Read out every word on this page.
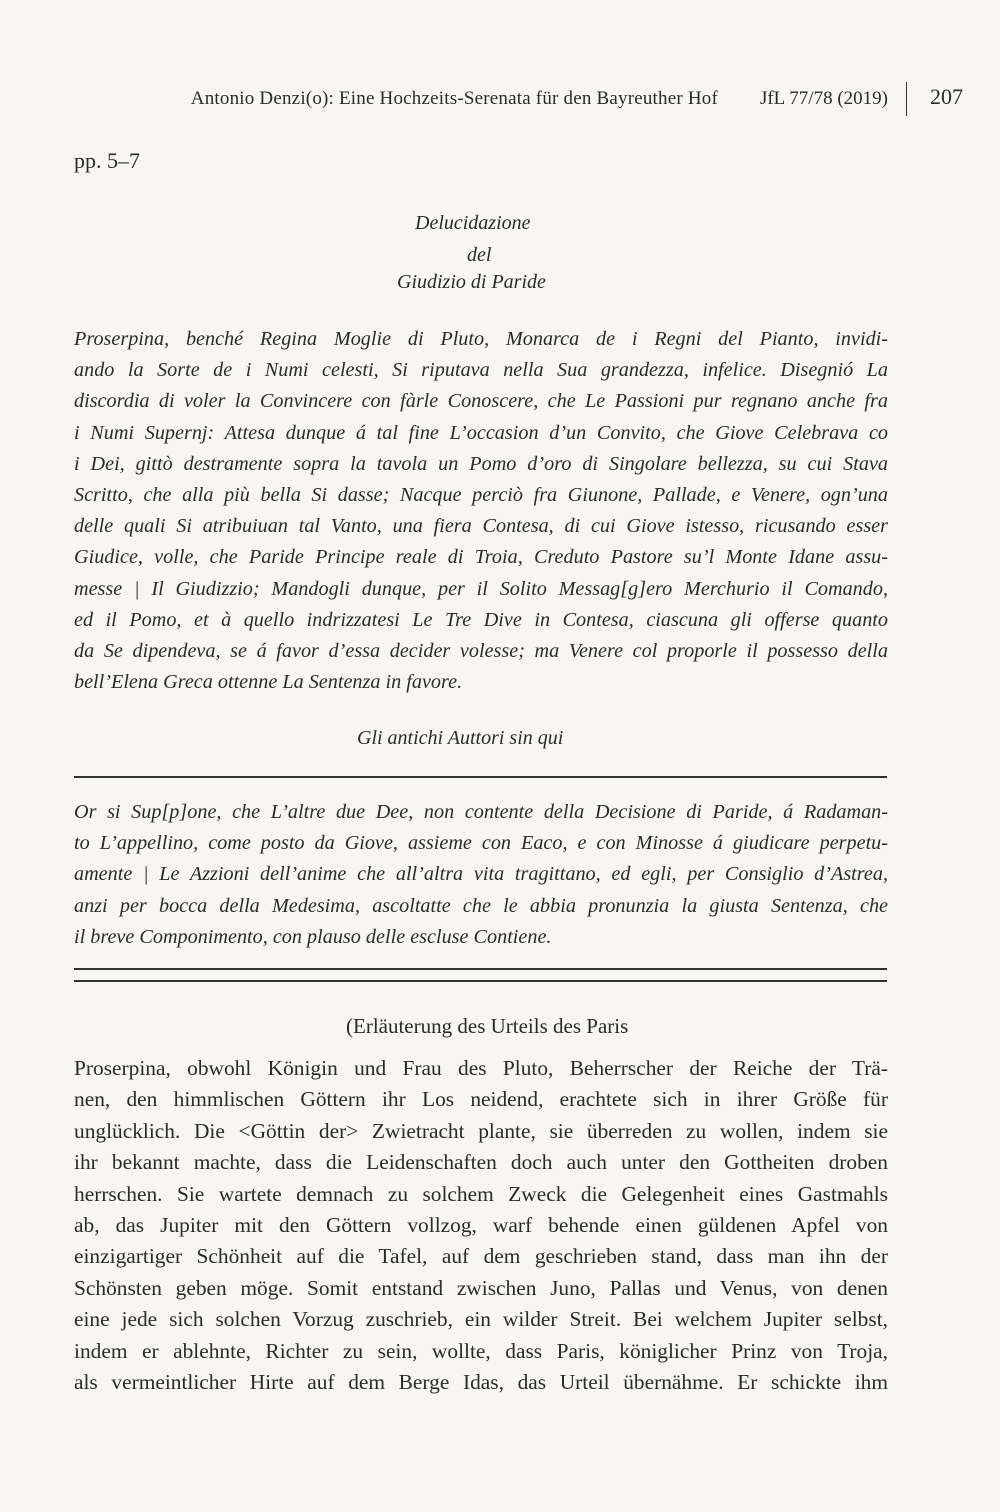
Antonio Denzi(o): Eine Hochzeits-Serenata für den Bayreuther Hof JfL 77/78 (2019) 207
pp. 5–7
Delucidazione
del
Giudizio di Paride
Proserpina, benché Regina Moglie di Pluto, Monarca de i Regni del Pianto, invidi-
ando la Sorte de i Numi celesti, Si riputava nella Sua grandezza, infelice. Disegnió La
discordia di voler la Convincere con fàrle Conoscere, che Le Passioni pur regnano anche fra
i Numi Supernj: Attesa dunque á tal fine L’occasion d’un Convito, che Giove Celebrava co
i Dei, gittò destramente sopra la tavola un Pomo d’oro di Singolare bellezza, su cui Stava
Scritto, che alla più bella Si dasse; Nacque perciò fra Giunone, Pallade, e Venere, ogn’una
delle quali Si atribuiuan tal Vanto, una fiera Contesa, di cui Giove istesso, ricusando esser
Giudice, volle, che Paride Principe reale di Troia, Creduto Pastore su’l Monte Idane assu-
messe | Il Giudizzio; Mandogli dunque, per il Solito Messag[g]ero Merchurio il Comando,
ed il Pomo, et à quello indrizzatesi Le Tre Dive in Contesa, ciascuna gli offerse quanto
da Se dipendeva, se á favor d’essa decider volesse; ma Venere col proporle il possesso della
bell’Elena Greca ottenne La Sentenza in favore.
Gli antichi Auttori sin qui
Or si Sup[p]one, che L’altre due Dee, non contente della Decisione di Paride, á Radaman-
to L’appellino, come posto da Giove, assieme con Eaco, e con Minosse á giudicare perpetu-
amente | Le Azzioni dell’anime che all’altra vita tragittano, ed egli, per Consiglio d’Astrea,
anzi per bocca della Medesima, ascoltatte che le abbia pronunzia la giusta Sentenza, che
il breve Componimento, con plauso delle escluse Contiene.
(Erläuterung des Urteils des Paris
Proserpina, obwohl Königin und Frau des Pluto, Beherrscher der Reiche der Trä-
nen, den himmlischen Göttern ihr Los neidend, erachtete sich in ihrer Größe für
unglücklich. Die <Göttin der> Zwietracht plante, sie überreden zu wollen, indem sie
ihr bekannt machte, dass die Leidenschaften doch auch unter den Gottheiten droben
herrschen. Sie wartete demnach zu solchem Zweck die Gelegenheit eines Gastmahls
ab, das Jupiter mit den Göttern vollzog, warf behende einen güldenen Apfel von
einzigartiger Schönheit auf die Tafel, auf dem geschrieben stand, dass man ihn der
Schönsten geben möge. Somit entstand zwischen Juno, Pallas und Venus, von denen
eine jede sich solchen Vorzug zuschrieb, ein wilder Streit. Bei welchem Jupiter selbst,
indem er ablehnte, Richter zu sein, wollte, dass Paris, königlicher Prinz von Troja,
als vermeintlicher Hirte auf dem Berge Idas, das Urteil übernähme. Er schickte ihm
